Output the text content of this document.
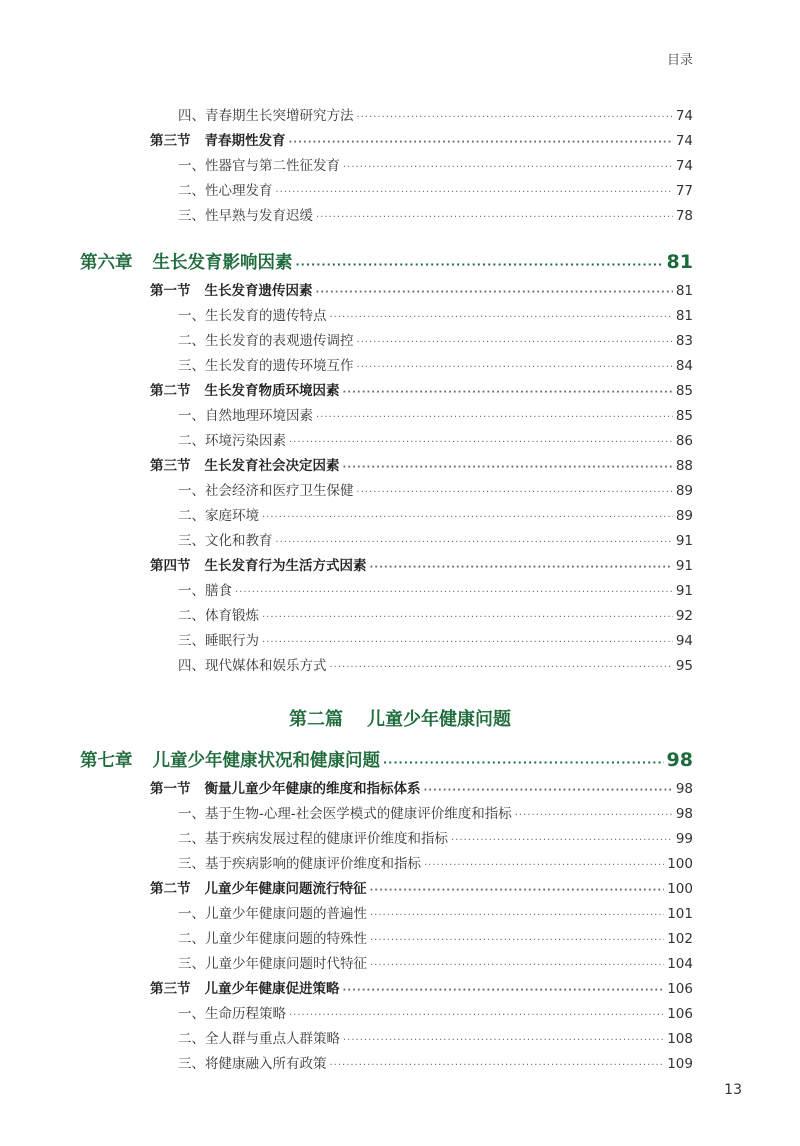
目录
四、青春期生长突增研究方法 ·····	74
第三节 青春期性发育 ·····	74
一、性器官与第二性征发育 ·····	74
二、性心理发育 ·····	77
三、性早熟与发育迟缓 ·····	78
第六章 生长发育影响因素 ·····	81
第一节 生长发育遗传因素 ·····	81
一、生长发育的遗传特点 ·····	81
二、生长发育的表观遗传调控 ·····	83
三、生长发育的遗传环境互作 ·····	84
第二节 生长发育物质环境因素 ·····	85
一、自然地理环境因素 ·····	85
二、环境污染因素 ·····	86
第三节 生长发育社会决定因素 ·····	88
一、社会经济和医疗卫生保健 ·····	89
二、家庭环境 ·····	89
三、文化和教育 ·····	91
第四节 生长发育行为生活方式因素 ·····	91
一、膳食 ·····	91
二、体育锻炼 ·····	92
三、睡眠行为 ·····	94
四、现代媒体和娱乐方式 ·····	95
第七章 儿童少年健康状况和健康问题 ·····	98
第一节 衡量儿童少年健康的维度和指标体系 ·····	98
一、基于生物-心理-社会医学模式的健康评价维度和指标 ·····	98
二、基于疾病发展过程的健康评价维度和指标 ·····	99
三、基于疾病影响的健康评价维度和指标 ·····	100
第二节 儿童少年健康问题流行特征 ·····	100
一、儿童少年健康问题的普遍性 ·····	101
二、儿童少年健康问题的特殊性 ·····	102
三、儿童少年健康问题时代特征 ·····	104
第三节 儿童少年健康促进策略 ·····	106
一、生命历程策略 ·····	106
二、全人群与重点人群策略 ·····	108
三、将健康融入所有政策 ·····	109
第二篇 儿童少年健康问题
13
